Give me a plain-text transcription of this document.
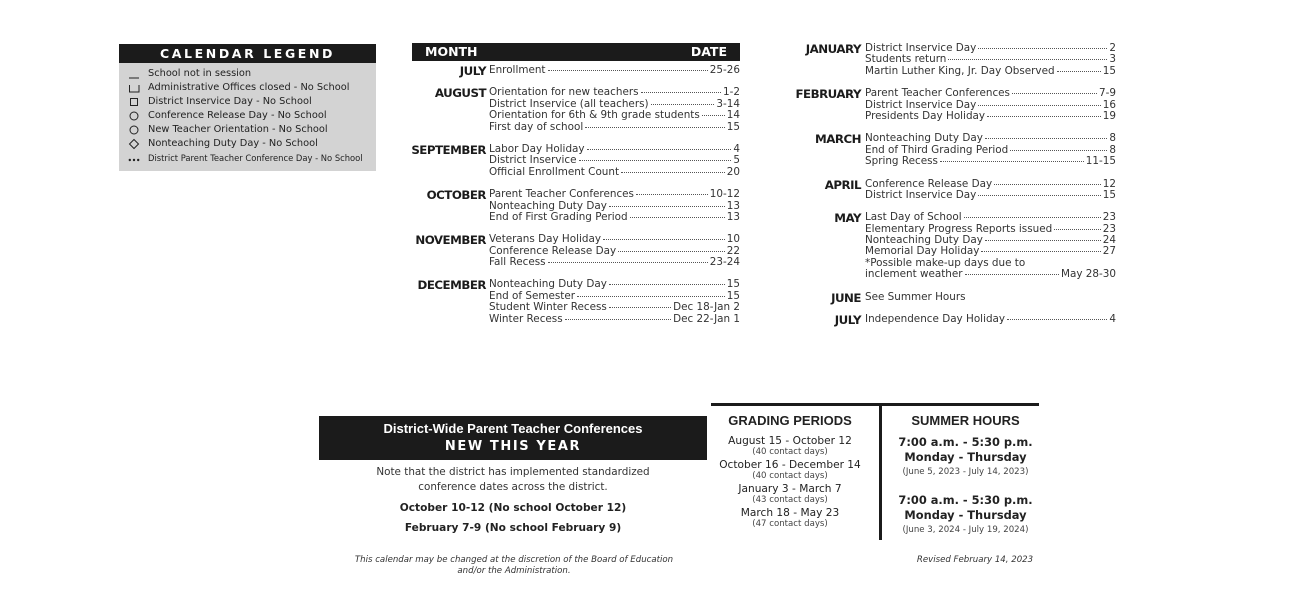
CALENDAR LEGEND
School not in session
Administrative Offices closed - No School
District Inservice Day - No School
Conference Release Day - No School
New Teacher Orientation - No School
Nonteaching Duty Day - No School
District Parent Teacher Conference Day - No School
MONTH	DATE
JULY Enrollment	25-26
AUGUST Orientation for new teachers	1-2
District Inservice (all teachers)	3-14
Orientation for 6th & 9th grade students	14
First day of school	15
SEPTEMBER Labor Day Holiday	4
District Inservice	5
Official Enrollment Count	20
OCTOBER Parent Teacher Conferences	10-12
Nonteaching Duty Day	13
End of First Grading Period	13
NOVEMBER Veterans Day Holiday	10
Conference Release Day	22
Fall Recess	23-24
DECEMBER Nonteaching Duty Day	15
End of Semester	15
Student Winter Recess	Dec 18-Jan 2
Winter Recess	Dec 22-Jan 1
JANUARY District Inservice Day	2
Students return	3
Martin Luther King, Jr. Day Observed	15
FEBRUARY Parent Teacher Conferences	7-9
District Inservice Day	16
Presidents Day Holiday	19
MARCH Nonteaching Duty Day	8
End of Third Grading Period	8
Spring Recess	11-15
APRIL Conference Release Day	12
District Inservice Day	15
MAY Last Day of School	23
Elementary Progress Reports issued	23
Nonteaching Duty Day	24
Memorial Day Holiday	27
*Possible make-up days due to
inclement weather	May 28-30
JUNE See Summer Hours
JULY Independence Day Holiday	4
District-Wide Parent Teacher Conferences
NEW THIS YEAR
Note that the district has implemented standardized
conference dates across the district.
October 10-12 (No school October 12)
February 7-9 (No school February 9)
GRADING PERIODS
August 15 - October 12
(40 contact days)
October 16 - December 14
(40 contact days)
January 3 - March 7
(43 contact days)
March 18 - May 23
(47 contact days)
SUMMER HOURS
7:00 a.m. - 5:30 p.m.
Monday - Thursday
(June 5, 2023 - July 14, 2023)
7:00 a.m. - 5:30 p.m.
Monday - Thursday
(June 3, 2024 - July 19, 2024)
This calendar may be changed at the discretion of the Board of Education
and/or the Administration.
Revised February 14, 2023
